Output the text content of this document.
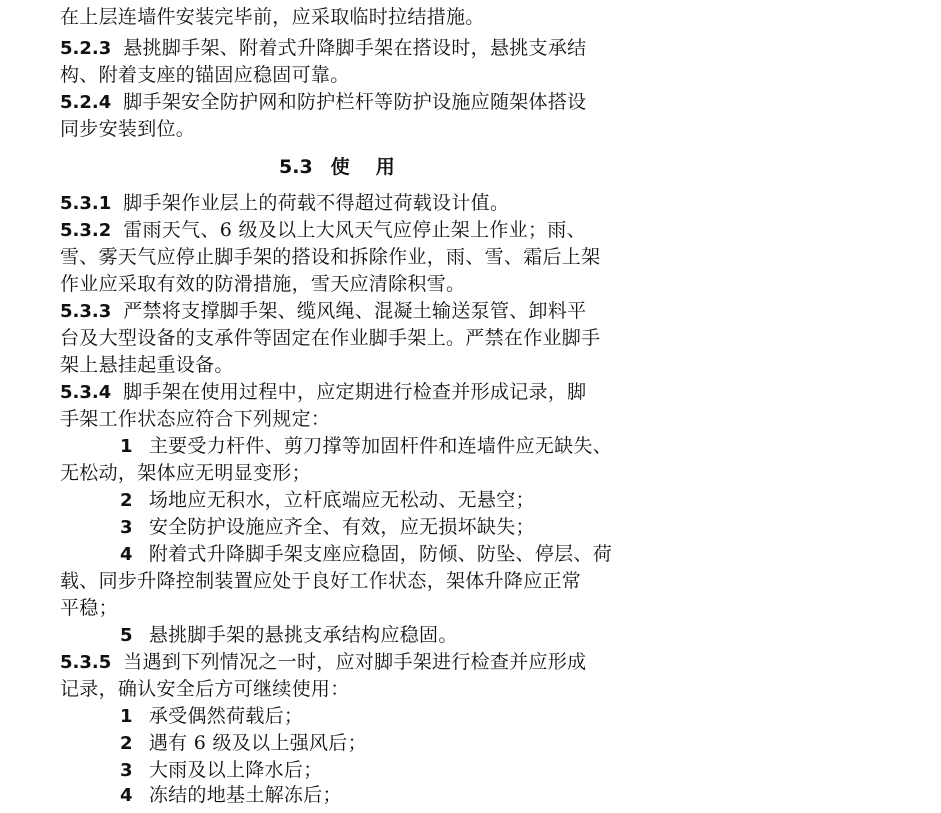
在上层连墙件安装完毕前，应采取临时拉结措施。
5.2.3 悬挑脚手架、附着式升降脚手架在搭设时，悬挑支承结
构、附着支座的锚固应稳固可靠。
5.2.4 脚手架安全防护网和防护栏杆等防护设施应随架体搭设
同步安装到位。
5.3 使 用
5.3.1 脚手架作业层上的荷载不得超过荷载设计值。
5.3.2 雷雨天气、6 级及以上大风天气应停止架上作业；雨、
雪、雾天气应停止脚手架的搭设和拆除作业，雨、雪、霜后上架
作业应采取有效的防滑措施，雪天应清除积雪。
5.3.3 严禁将支撑脚手架、缆风绳、混凝土输送泵管、卸料平
台及大型设备的支承件等固定在作业脚手架上。严禁在作业脚手
架上悬挂起重设备。
5.3.4 脚手架在使用过程中，应定期进行检查并形成记录，脚
手架工作状态应符合下列规定：
1 主要受力杆件、剪刀撑等加固杆件和连墙件应无缺失、
无松动，架体应无明显变形；
2 场地应无积水，立杆底端应无松动、无悬空；
3 安全防护设施应齐全、有效，应无损坏缺失；
4 附着式升降脚手架支座应稳固，防倾、防坠、停层、荷
载、同步升降控制装置应处于良好工作状态，架体升降应正常
平稳；
5 悬挑脚手架的悬挑支承结构应稳固。
5.3.5 当遇到下列情况之一时，应对脚手架进行检查并应形成
记录，确认安全后方可继续使用：
1 承受偶然荷载后；
2 遇有 6 级及以上强风后；
3 大雨及以上降水后；
4 冻结的地基土解冻后；
